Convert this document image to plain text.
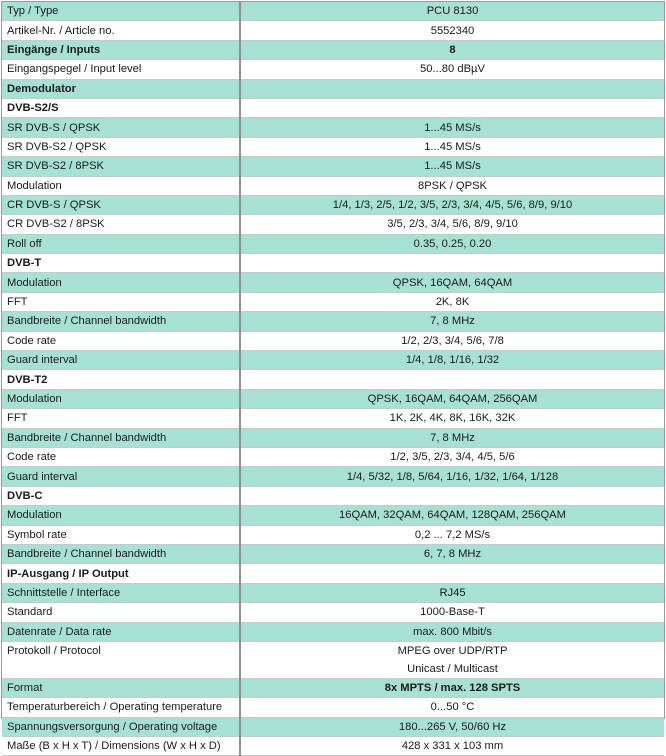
Typ / Type	PCU 8130
Artikel-Nr. / Article no.	5552340
Eingänge / Inputs	8
Eingangspegel / Input level	50...80 dBµV
Demodulator	
DVB-S2/S	
SR DVB-S / QPSK	1...45 MS/s
SR DVB-S2 / QPSK	1...45 MS/s
SR DVB-S2 / 8PSK	1...45 MS/s
Modulation	8PSK / QPSK
CR DVB-S / QPSK	1/4, 1/3, 2/5, 1/2, 3/5, 2/3, 3/4, 4/5, 5/6, 8/9, 9/10
CR DVB-S2 / 8PSK	3/5, 2/3, 3/4, 5/6, 8/9, 9/10
Roll off	0.35, 0.25, 0.20
DVB-T	
Modulation	QPSK, 16QAM, 64QAM
FFT	2K, 8K
Bandbreite / Channel bandwidth	7, 8 MHz
Code rate	1/2, 2/3, 3/4, 5/6, 7/8
Guard interval	1/4, 1/8, 1/16, 1/32
DVB-T2	
Modulation	QPSK, 16QAM, 64QAM, 256QAM
FFT	1K, 2K, 4K, 8K, 16K, 32K
Bandbreite / Channel bandwidth	7, 8 MHz
Code rate	1/2, 3/5, 2/3, 3/4, 4/5, 5/6
Guard interval	1/4, 5/32, 1/8, 5/64, 1/16, 1/32, 1/64, 1/128
DVB-C	
Modulation	16QAM, 32QAM, 64QAM, 128QAM, 256QAM
Symbol rate	0,2 ... 7,2 MS/s
Bandbreite / Channel bandwidth	6, 7, 8 MHz
IP-Ausgang / IP Output	
Schnittstelle / Interface	RJ45
Standard	1000-Base-T
Datenrate / Data rate	max. 800 Mbit/s
Protokoll / Protocol	MPEG over UDP/RTP
Unicast / Multicast

Format	8x MPTS / max. 128 SPTS
Temperaturbereich / Operating temperature	0...50 °C
Spannungsversorgung / Operating voltage	180...265 V, 50/60 Hz
Maße (B x H x T) / Dimensions (W x H x D)	428 x 331 x 103 mm
